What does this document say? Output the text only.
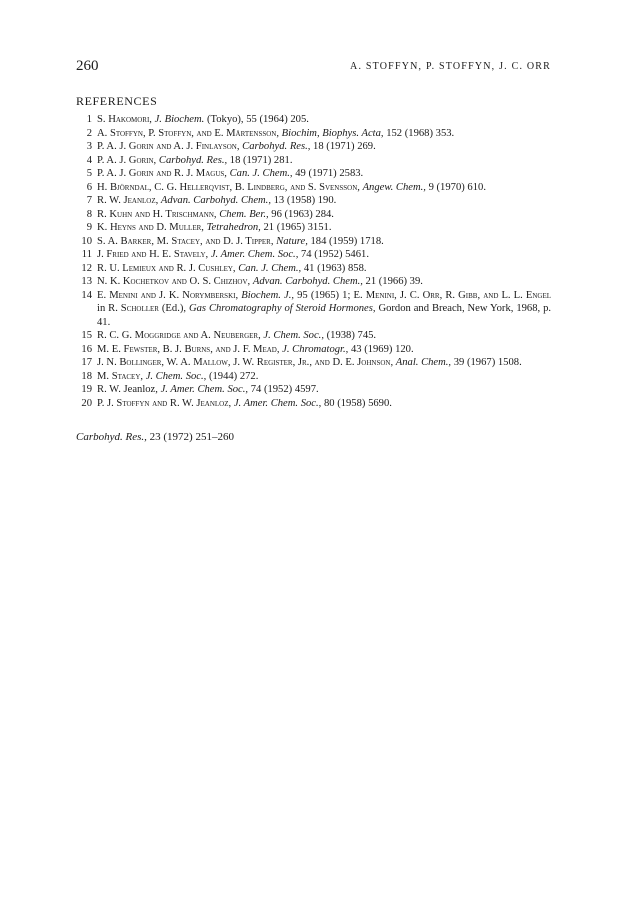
260	A. STOFFYN, P. STOFFYN, J. C. ORR
REFERENCES
1 S. Hakomori, J. Biochem. (Tokyo), 55 (1964) 205.
2 A. Stoffyn, P. Stoffyn, and E. Mårtensson, Biochim, Biophys. Acta, 152 (1968) 353.
3 P. A. J. Gorin and A. J. Finlayson, Carbohyd. Res., 18 (1971) 269.
4 P. A. J. Gorin, Carbohyd. Res., 18 (1971) 281.
5 P. A. J. Gorin and R. J. Magus, Can. J. Chem., 49 (1971) 2583.
6 H. Björndal, C. G. Hellerqvist, B. Lindberg, and S. Svensson, Angew. Chem., 9 (1970) 610.
7 R. W. Jeanloz, Advan. Carbohyd. Chem., 13 (1958) 190.
8 R. Kuhn and H. Trischmann, Chem. Ber., 96 (1963) 284.
9 K. Heyns and D. Muller, Tetrahedron, 21 (1965) 3151.
10 S. A. Barker, M. Stacey, and D. J. Tipper, Nature, 184 (1959) 1718.
11 J. Fried and H. E. Stavely, J. Amer. Chem. Soc., 74 (1952) 5461.
12 R. U. Lemieux and R. J. Cushley, Can. J. Chem., 41 (1963) 858.
13 N. K. Kochetkov and O. S. Chizhov, Advan. Carbohyd. Chem., 21 (1966) 39.
14 E. Menini and J. K. Norymberski, Biochem. J., 95 (1965) 1; E. Menini, J. C. Orr, R. Gibb, and L. L. Engel in R. Scholler (Ed.), Gas Chromatography of Steroid Hormones, Gordon and Breach, New York, 1968, p. 41.
15 R. C. G. Moggridge and A. Neuberger, J. Chem. Soc., (1938) 745.
16 M. E. Fewster, B. J. Burns, and J. F. Mead, J. Chromatogr., 43 (1969) 120.
17 J. N. Bollinger, W. A. Mallow, J. W. Register, Jr., and D. E. Johnson, Anal. Chem., 39 (1967) 1508.
18 M. Stacey, J. Chem. Soc., (1944) 272.
19 R. W. Jeanloz, J. Amer. Chem. Soc., 74 (1952) 4597.
20 P. J. Stoffyn and R. W. Jeanloz, J. Amer. Chem. Soc., 80 (1958) 5690.
Carbohyd. Res., 23 (1972) 251–260
